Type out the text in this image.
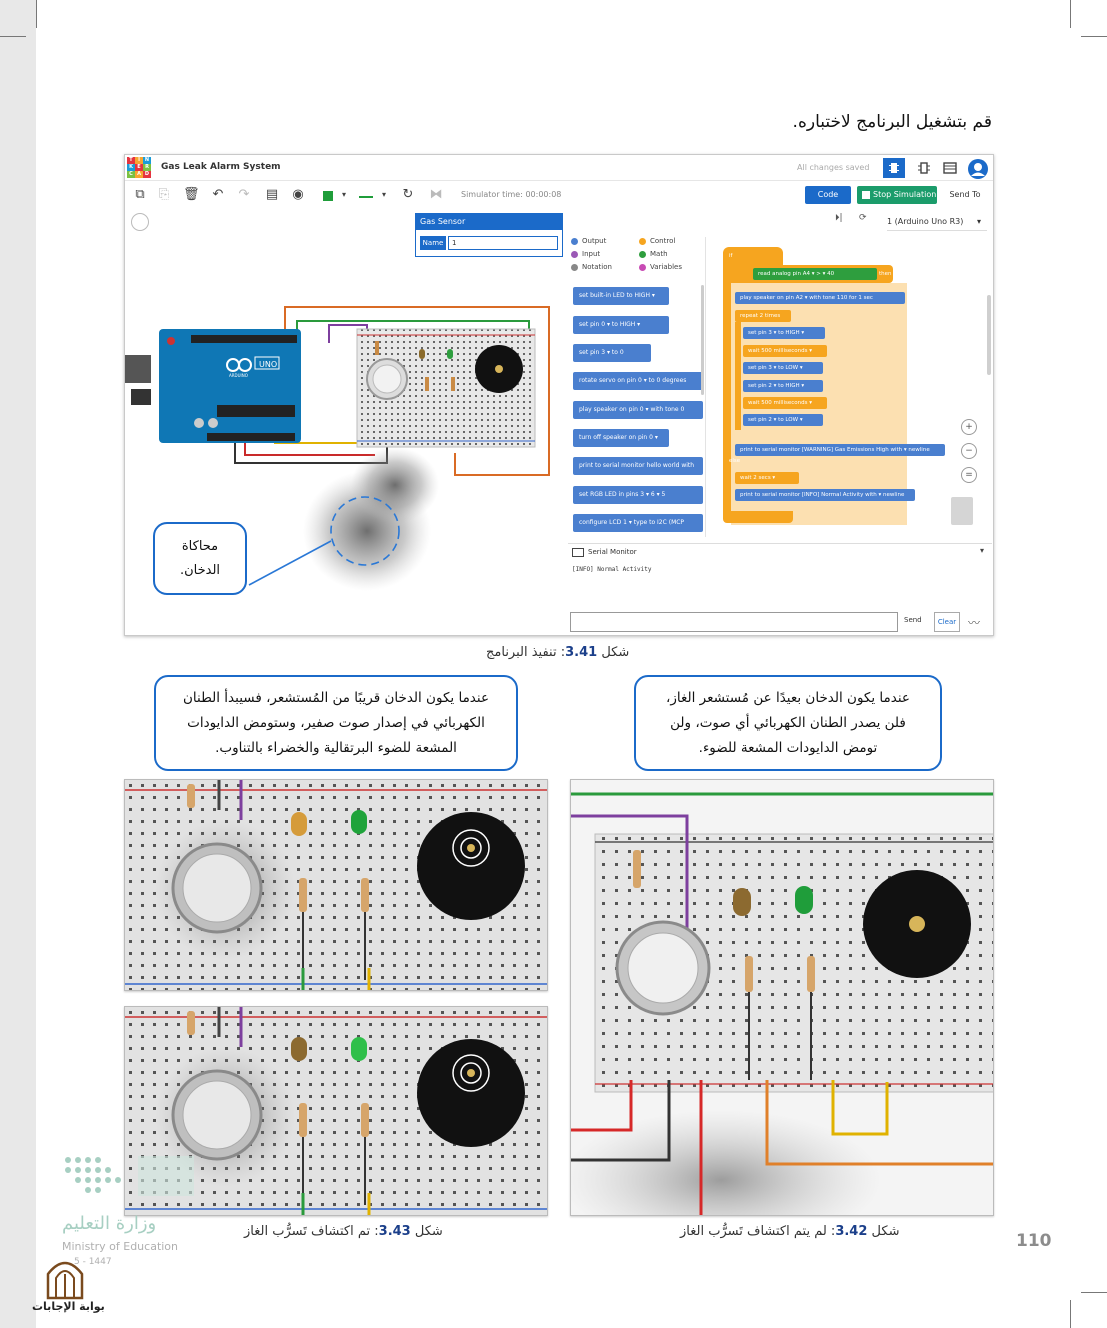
قم بتشغيل البرنامج لاختباره.
T	I N
K E R
C A D
Gas Leak Alarm System	All changes saved
⧉ ⎘ 🗑 ↶ ↷ ▤ ◉	▾	▾	↻ ⧓ Simulator time: 00:00:08	Code	Stop Simulation	Send To
UNO
ARDUINO
Gas Sensor
Name	1
⏵| ⟳	1 (Arduino Uno R3) ▾
Output
Input
Notation
Control
Math
Variables
set built-in LED to HIGH ▾
set pin 0 ▾ to HIGH ▾
set pin 3 ▾ to 0
rotate servo on pin 0 ▾ to 0 degrees
play speaker on pin 0 ▾ with tone 0
turn off speaker on pin 0 ▾
print to serial monitor hello world with
set RGB LED in pins 3 ▾ 6 ▾ 5
configure LCD 1 ▾ type to I2C (MCP
if
read analog pin A4 ▾ > ▾ 40	then
play speaker on pin A2 ▾ with tone 110 for 1 sec
repeat 2 times
set pin 3 ▾ to HIGH ▾
wait 500 milliseconds ▾
set pin 3 ▾ to LOW ▾
set pin 2 ▾ to HIGH ▾
wait 500 milliseconds ▾
set pin 2 ▾ to LOW ▾
print to serial monitor [WARNING] Gas Emissions High with ▾ newline
wait 2 secs ▾
else
print to serial monitor [INFO] Normal Activity with ▾ newline
+
−
=
Serial Monitor	▾
[INFO] Normal Activity
Send	Clear 〰
محاكاة
الدخان.
شكل 3.41: تنفيذ البرنامج
عندما يكون الدخان قريبًا من المُستشعر، فسيبدأ الطنان
الكهربائي في إصدار صوت صفير، وستومض الدايودات
المشعة للضوء البرتقالية والخضراء بالتناوب.
عندما يكون الدخان بعيدًا عن مُستشعر الغاز،
فلن يصدر الطنان الكهربائي أي صوت، ولن
تومض الدايودات المشعة للضوء.
شكل 3.43: تم اكتشاف تَسرُّب الغاز	شكل 3.42: لم يتم اكتشاف تَسرُّب الغاز	110
وزارة التعليم
Ministry of Education
5 - 1447
بوابة الإجابات
